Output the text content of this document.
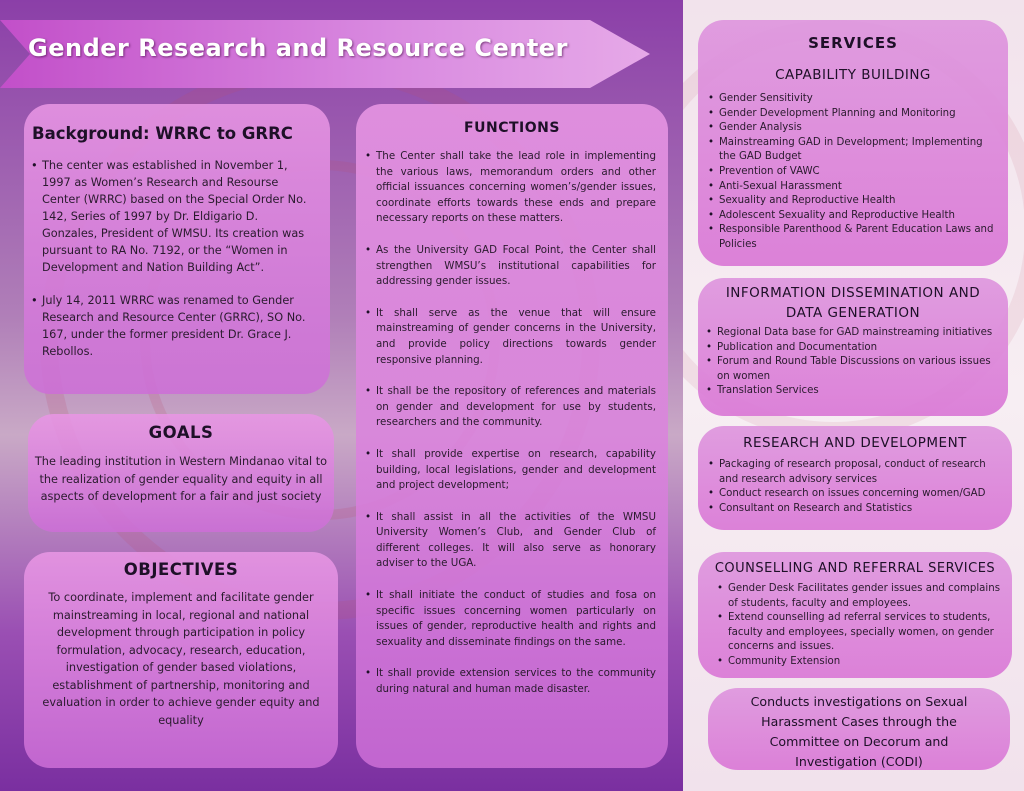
Gender Research and Resource Center
Background: WRRC to GRRC
• The center was established in November 1, 1997 as Women’s Research and Resourse Center (WRRC) based on the Special Order No. 142, Series of 1997 by Dr. Eldigario D. Gonzales, President of WMSU. Its creation was pursuant to RA No. 7192, or the “Women in Development and Nation Building Act”.
• July 14, 2011 WRRC was renamed to Gender Research and Resource Center (GRRC), SO No. 167, under the former president Dr. Grace J. Rebollos.
GOALS
The leading institution in Western Mindanao vital to the realization of gender equality and equity in all aspects of development for a fair and just society
OBJECTIVES
To coordinate, implement and facilitate gender mainstreaming in local, regional and national development through participation in policy formulation, advocacy, research, education, investigation of gender based violations, establishment of partnership, monitoring and evaluation in order to achieve gender equity and equality
FUNCTIONS
• The Center shall take the lead role in implementing the various laws, memorandum orders and other official issuances concerning women’s/gender issues, coordinate efforts towards these ends and prepare necessary reports on these matters.
• As the University GAD Focal Point, the Center shall strengthen WMSU’s institutional capabilities for addressing gender issues.
• It shall serve as the venue that will ensure mainstreaming of gender concerns in the University, and provide policy directions towards gender responsive planning.
• It shall be the repository of references and materials on gender and development for use by students, researchers and the community.
• It shall provide expertise on research, capability building, local legislations, gender and development and project development;
• It shall assist in all the activities of the WMSU University Women’s Club, and Gender Club of different colleges. It will also serve as honorary adviser to the UGA.
• It shall initiate the conduct of studies and fosa on specific issues concerning women particularly on issues of gender, reproductive health and rights and sexuality and disseminate findings on the same.
• It shall provide extension services to the community during natural and human made disaster.
SERVICES
CAPABILITY BUILDING
• Gender Sensitivity
• Gender Development Planning and Monitoring
• Gender Analysis
• Mainstreaming GAD in Development; Implementing the GAD Budget
• Prevention of VAWC
• Anti-Sexual Harassment
• Sexuality and Reproductive Health
• Adolescent Sexuality and Reproductive Health
• Responsible Parenthood & Parent Education Laws and Policies
INFORMATION DISSEMINATION AND DATA GENERATION
• Regional Data base for GAD mainstreaming initiatives
• Publication and Documentation
• Forum and Round Table Discussions on various issues on women
• Translation Services
RESEARCH AND DEVELOPMENT
• Packaging of research proposal, conduct of research and research advisory services
• Conduct research on issues concerning women/GAD
• Consultant on Research and Statistics
COUNSELLING AND REFERRAL SERVICES
• Gender Desk Facilitates gender issues and complains of students, faculty and employees.
• Extend counselling ad referral services to students, faculty and employees, specially women, on gender concerns and issues.
• Community Extension
Conducts investigations on Sexual Harassment Cases through the Committee on Decorum and Investigation (CODI)
